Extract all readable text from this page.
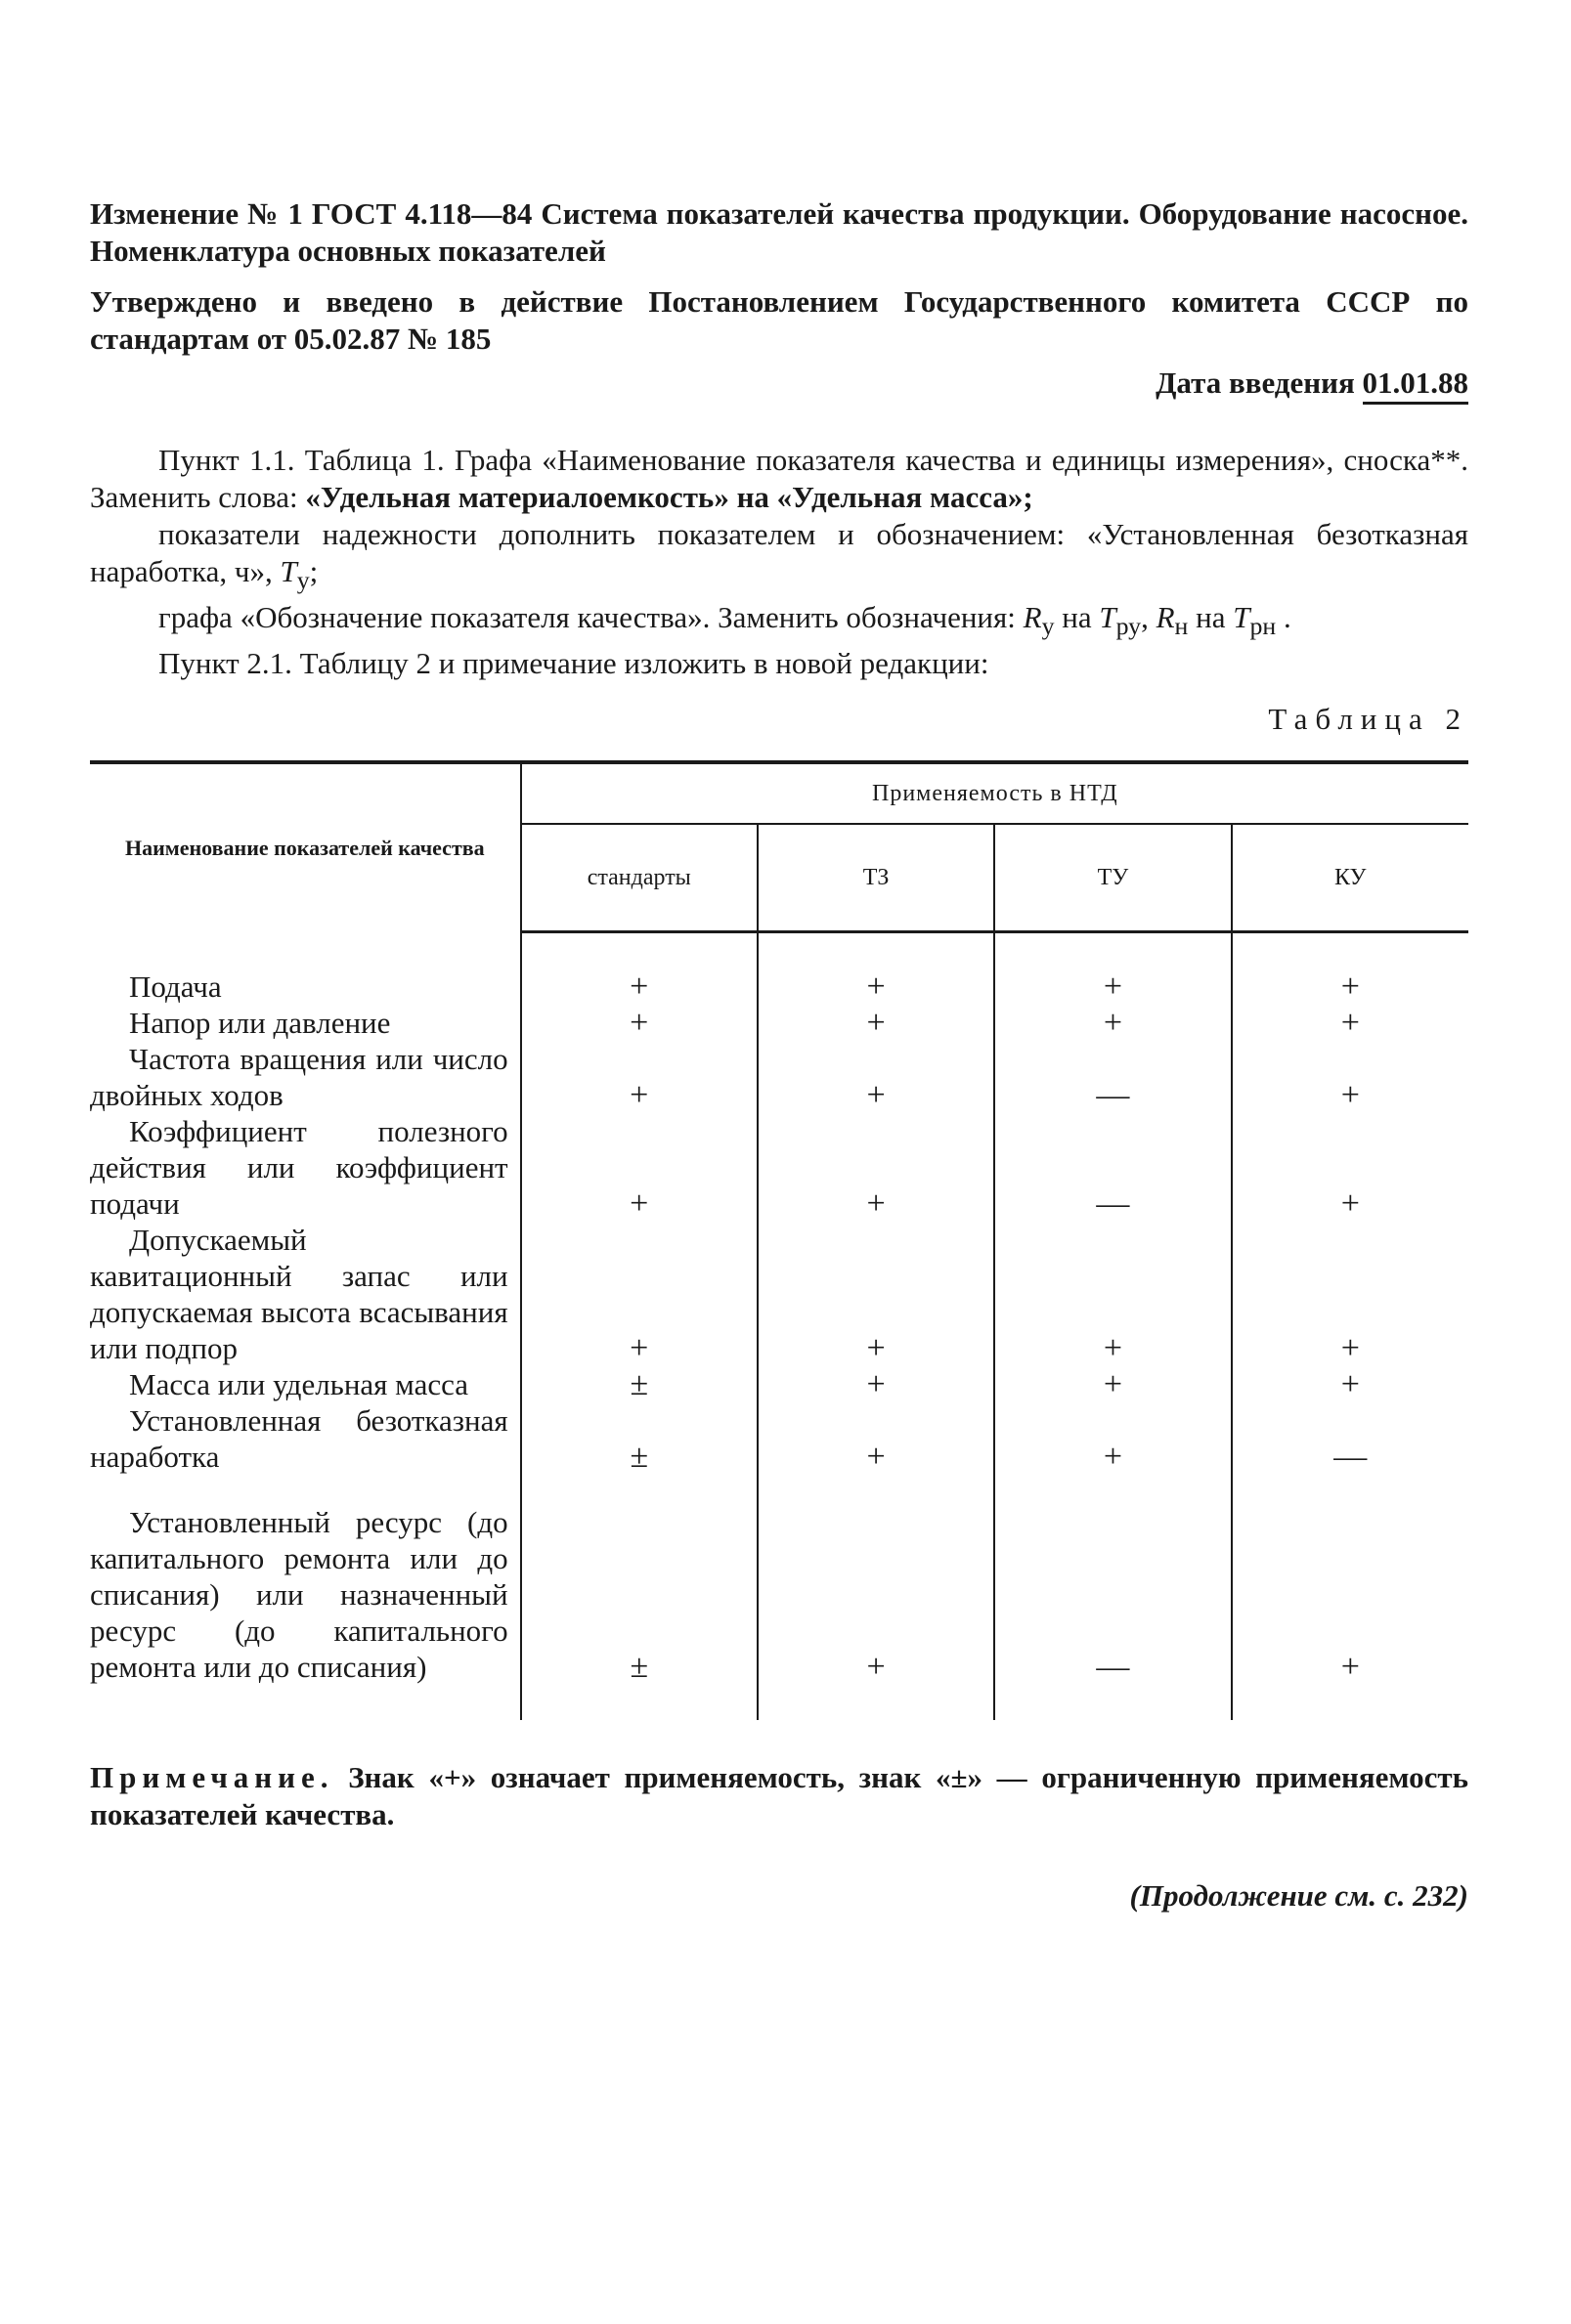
Изменение № 1 ГОСТ 4.118—84 Система показателей качества продукции. Оборудование насосное. Номенклатура основных показателей

Утверждено и введено в действие Постановлением Государственного комитета СССР по стандартам от 05.02.87 № 185

Дата введения 01.01.88

Пункт 1.1. Таблица 1. Графа «Наименование показателя качества и единицы измерения», сноска**. Заменить слова: «Удельная материалоемкость» на «Удельная масса»;

показатели надежности дополнить показателем и обозначением: «Установленная безотказная наработка, ч», $Т_у$;

графа «Обозначение показателя качества». Заменить обозначения: $R_у$ на $Т_{ру}$, $R_н$ на $Т_{рн}$ .

Пункт 2.1. Таблицу 2 и примечание изложить в новой редакции:

Таблица 2
Наименование показателей качества	Применяемость в НТД			
	стандарты	ТЗ	ТУ	КУ

Подача	+	+	+	+
Напор или давление	+	+	+	+
Частота вращения или число двойных ходов	+	+	—	+
Коэффициент полезного действия или коэффициент подачи	+	+	—	+
Допускаемый кавитационный запас или допускаемая высота всасывания или подпор	+	+	+	+
Масса или удельная масса	±	+	+	+
Установленная безотказная наработка	±	+	+	—

Установленный ресурс (до капитального ремонта или до списания) или назначенный ресурс (до капитального ремонта или до списания)	±	+	—	+

Примечание. Знак «+» означает применяемость, знак «±» — ограниченную применяемость показателей качества.

(Продолжение см. с. 232)
